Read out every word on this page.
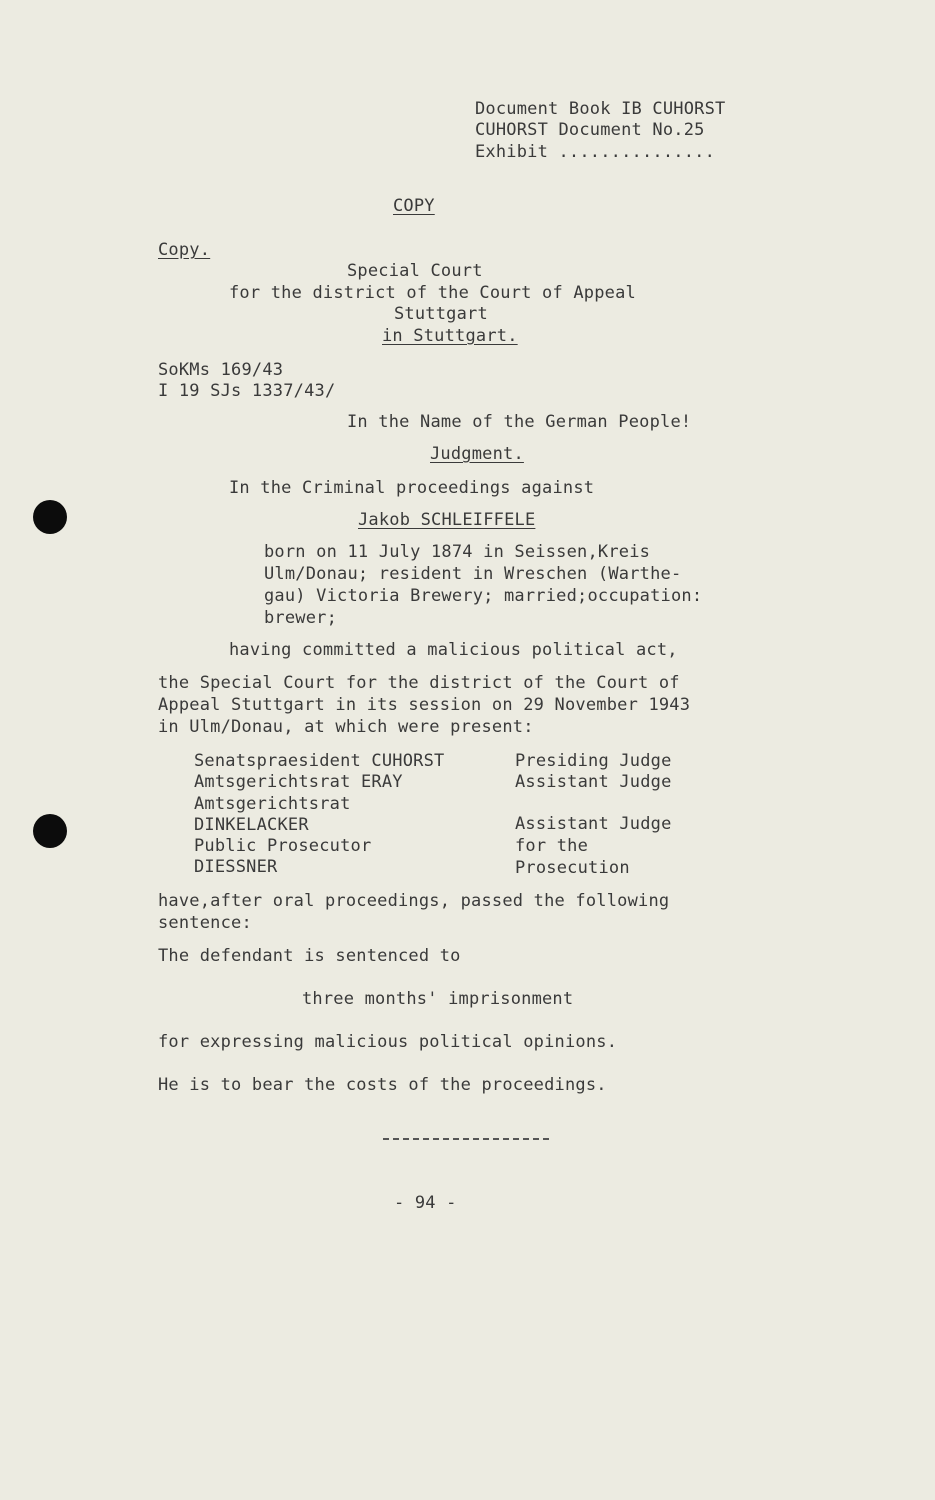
Document Book IB CUHORST
CUHORST Document No.25
Exhibit ...............
COPY
Copy.
Special Court
for the district of the Court of Appeal
Stuttgart
in Stuttgart.
SoKMs 169/43
I 19 SJs 1337/43/
In the Name of the German People!
Judgment.
In the Criminal proceedings against
Jakob SCHLEIFFELE
born on 11 July 1874 in Seissen,Kreis
Ulm/Donau; resident in Wreschen (Warthe-
gau) Victoria Brewery; married;occupation:
brewer;
having committed a malicious political act,
the Special Court for the district of the Court of
Appeal Stuttgart in its session on 29 November 1943
in Ulm/Donau, at which were present:
Senatspraesident CUHORST
Amtsgerichtsrat ERAY
Amtsgerichtsrat
DINKELACKER
Public Prosecutor
DIESSNER
Presiding Judge
Assistant Judge
Assistant Judge
for the
Prosecution
have,after oral proceedings, passed the following
sentence:
The defendant is sentenced to
three months' imprisonment
for expressing malicious political opinions.
He is to bear the costs of the proceedings.
- 94 -
